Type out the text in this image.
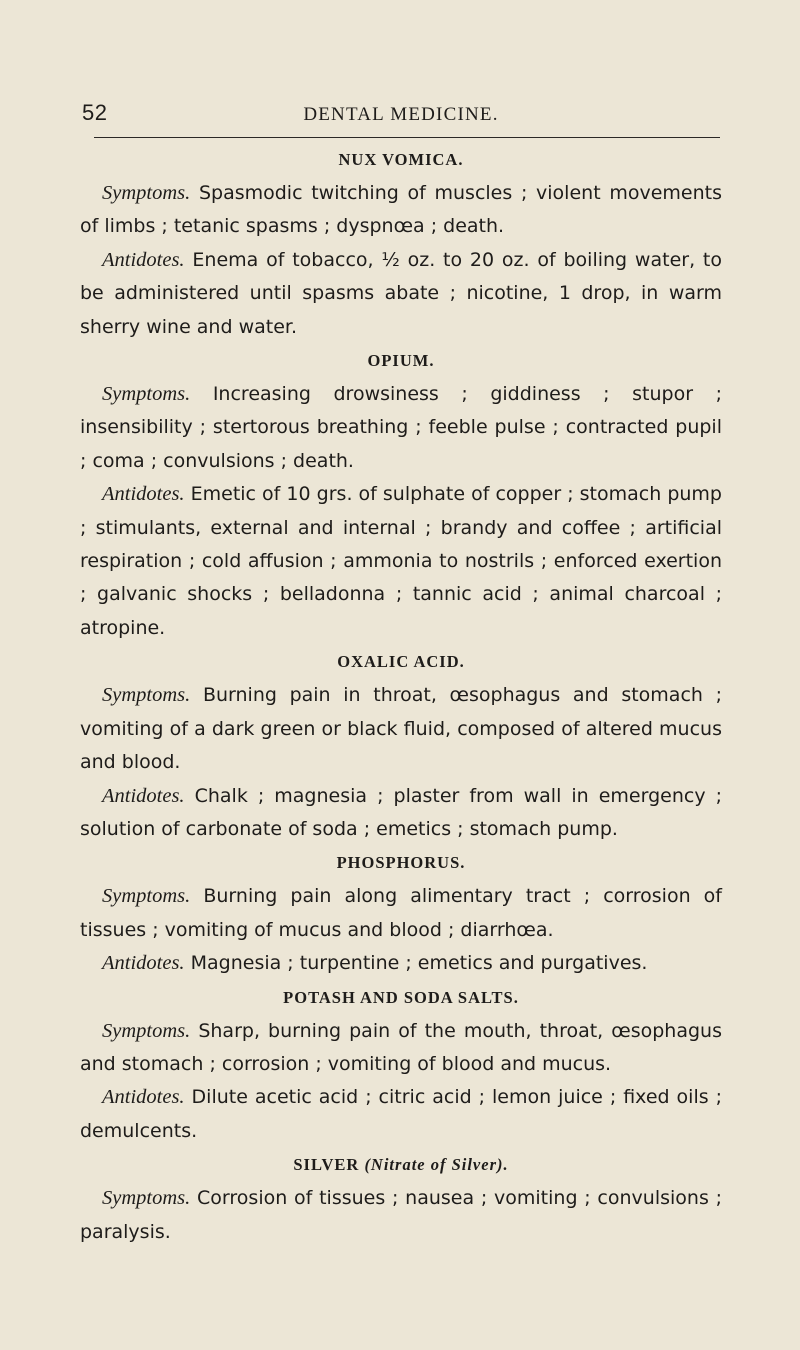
52	DENTAL MEDICINE.
NUX VOMICA.

Symptoms. Spasmodic twitching of muscles ; violent movements of limbs ; tetanic spasms ; dyspnœa ; death.

Antidotes. Enema of tobacco, ½ oz. to 20 oz. of boiling water, to be administered until spasms abate ; nicotine, 1 drop, in warm sherry wine and water.

OPIUM.

Symptoms. Increasing drowsiness ; giddiness ; stupor ; insensibility ; stertorous breathing ; feeble pulse ; contracted pupil ; coma ; convulsions ; death.

Antidotes. Emetic of 10 grs. of sulphate of copper ; stomach pump ; stimulants, external and internal ; brandy and coffee ; artificial respiration ; cold affusion ; ammonia to nostrils ; enforced exertion ; galvanic shocks ; belladonna ; tannic acid ; animal charcoal ; atropine.

OXALIC ACID.

Symptoms. Burning pain in throat, œsophagus and stomach ; vomiting of a dark green or black fluid, composed of altered mucus and blood.

Antidotes. Chalk ; magnesia ; plaster from wall in emergency ; solution of carbonate of soda ; emetics ; stomach pump.

PHOSPHORUS.

Symptoms. Burning pain along alimentary tract ; corrosion of tissues ; vomiting of mucus and blood ; diarrhœa.

Antidotes. Magnesia ; turpentine ; emetics and purgatives.

POTASH AND SODA SALTS.

Symptoms. Sharp, burning pain of the mouth, throat, œsophagus and stomach ; corrosion ; vomiting of blood and mucus.

Antidotes. Dilute acetic acid ; citric acid ; lemon juice ; fixed oils ; demulcents.

SILVER (Nitrate of Silver).

Symptoms. Corrosion of tissues ; nausea ; vomiting ; convulsions ; paralysis.
